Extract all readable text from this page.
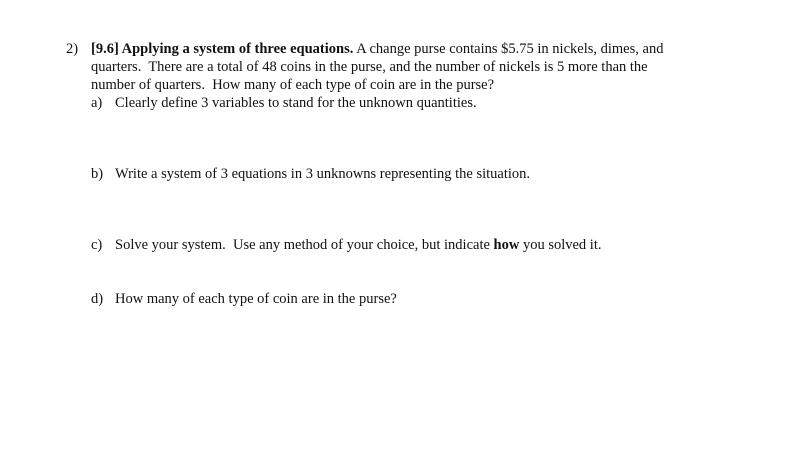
2) [9.6] Applying a system of three equations. A change purse contains $5.75 in nickels, dimes, and
quarters.  There are a total of 48 coins in the purse, and the number of nickels is 5 more than the
number of quarters.  How many of each type of coin are in the purse?
a) Clearly define 3 variables to stand for the unknown quantities.
b) Write a system of 3 equations in 3 unknowns representing the situation.
c) Solve your system.  Use any method of your choice, but indicate how you solved it.
d) How many of each type of coin are in the purse?
